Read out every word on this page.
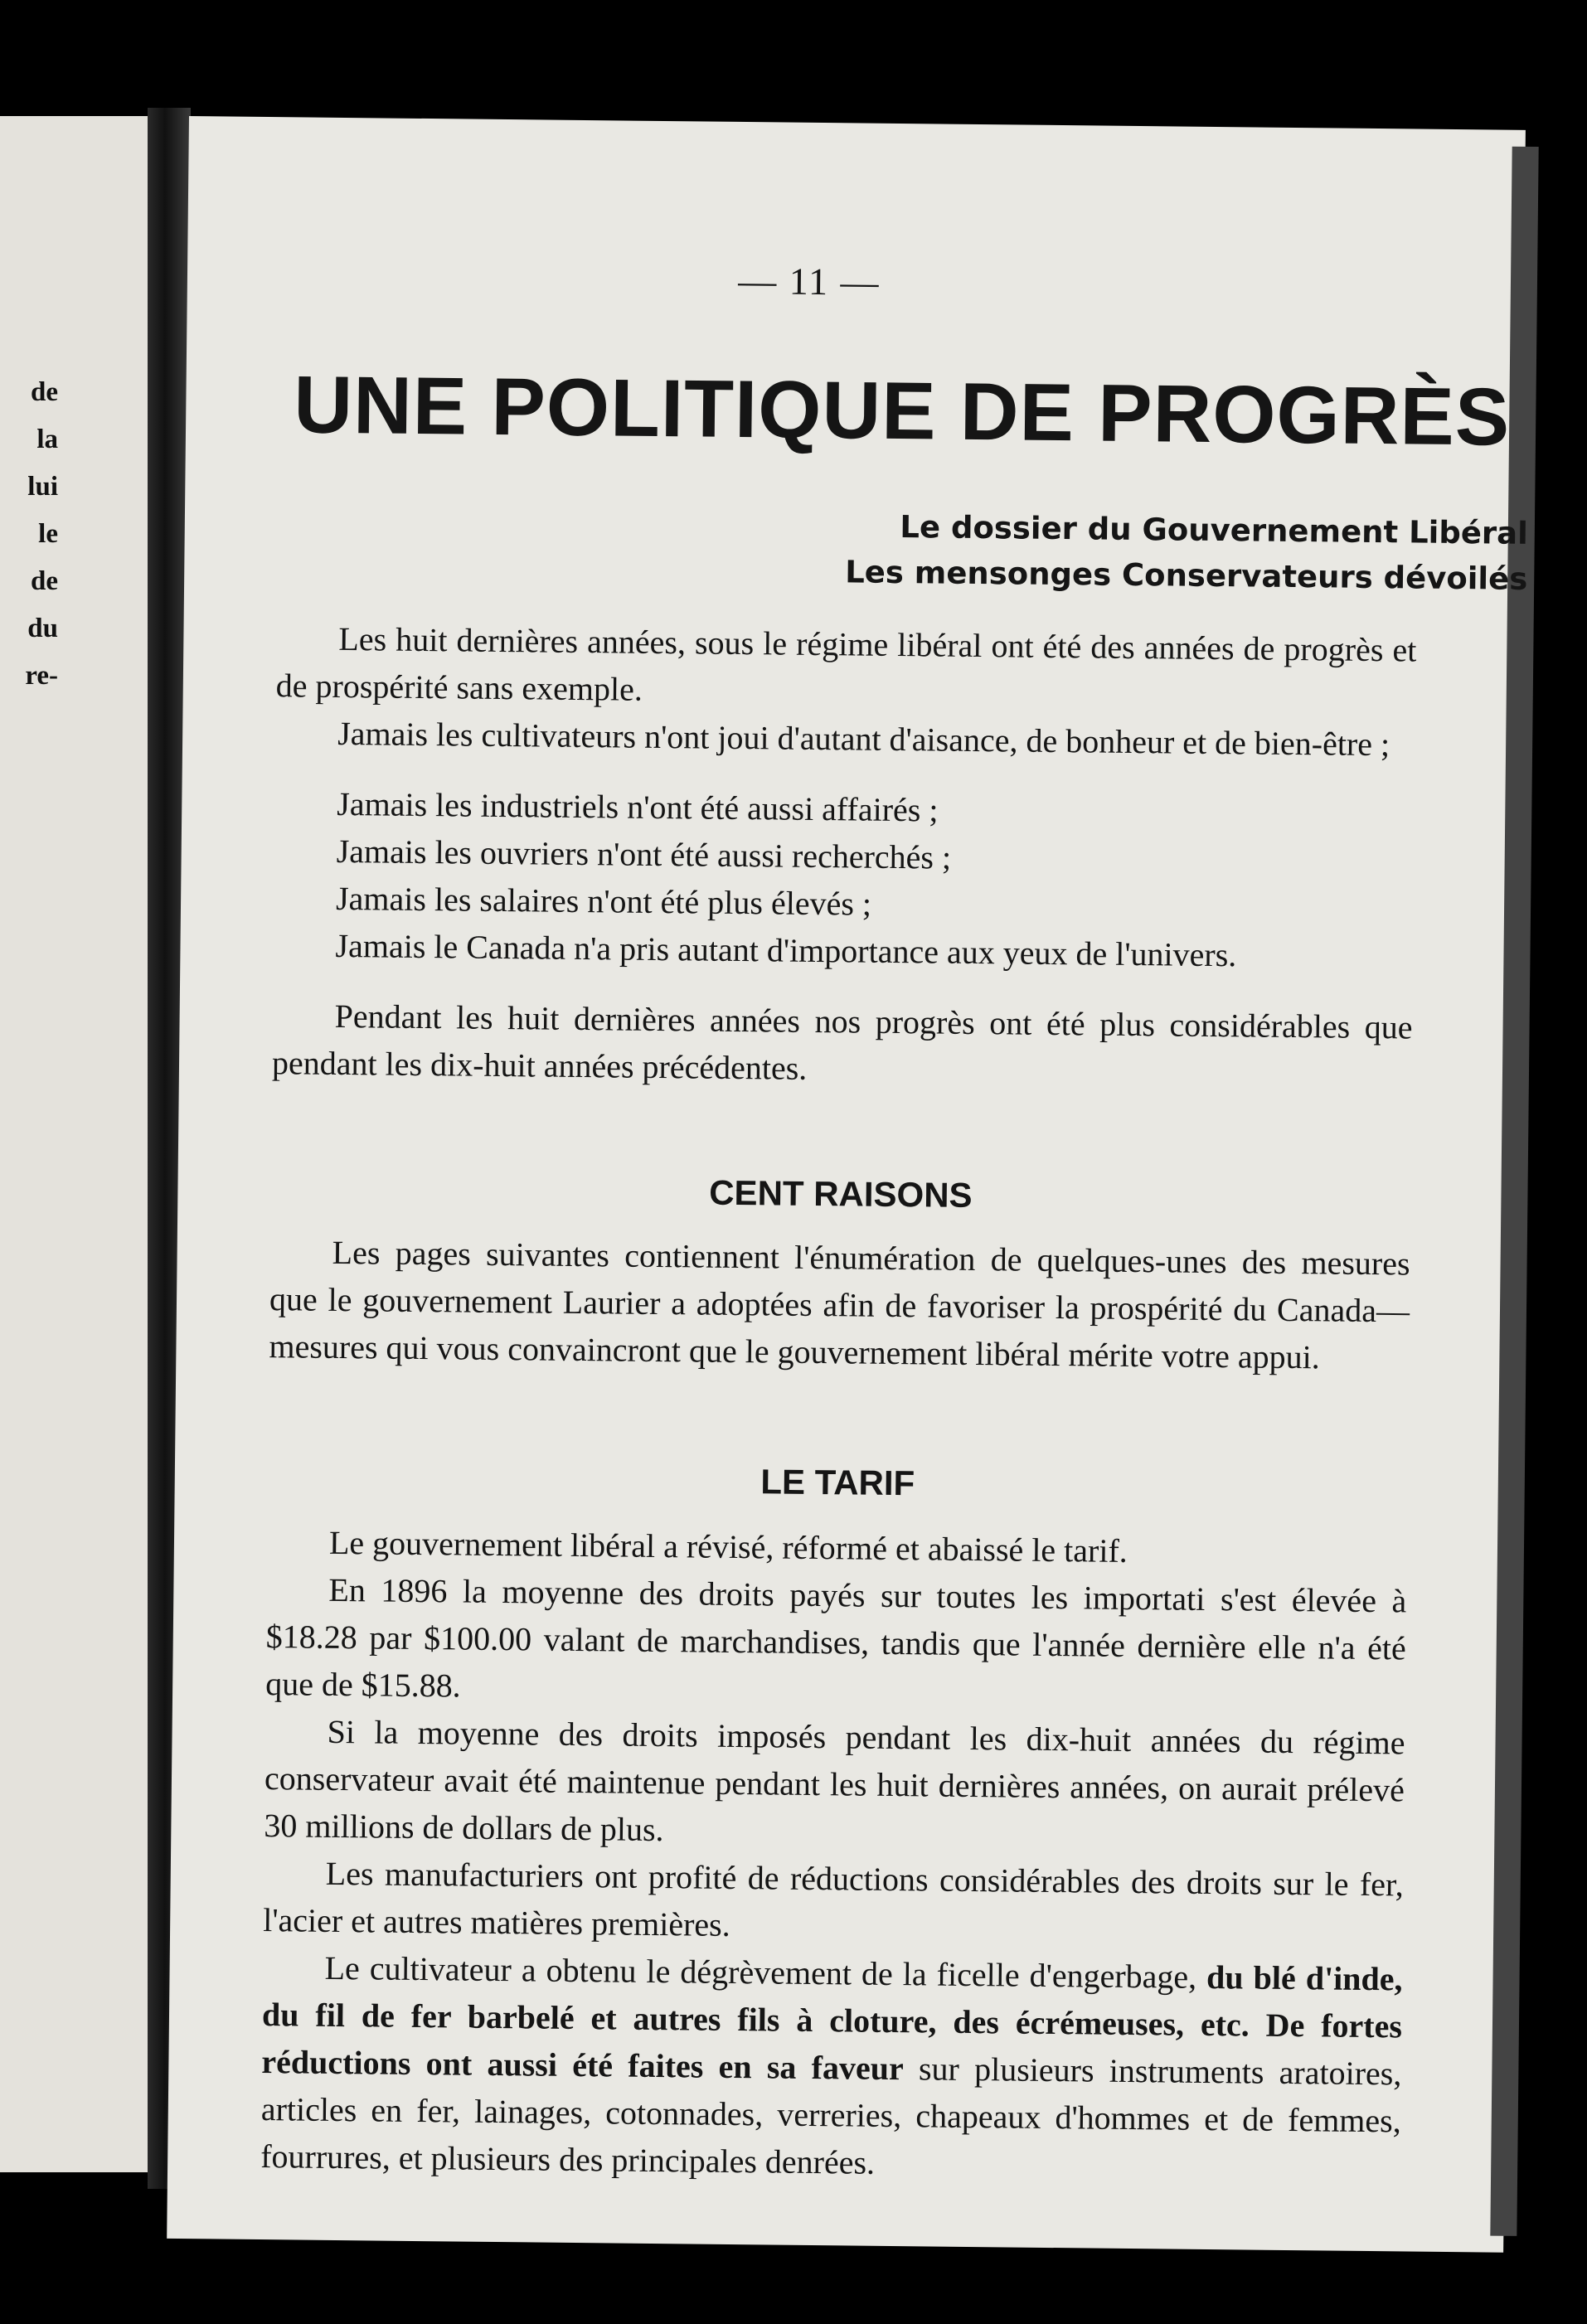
de
la
lui
le
de
du
re-
— 11 —
UNE POLITIQUE DE PROGRÈS
Le dossier du Gouvernement Libéral
Les mensonges Conservateurs dévoilés

Les huit dernières années, sous le régime libéral ont été des années de progrès et de prospérité sans exemple.

Jamais les cultivateurs n'ont joui d'autant d'aisance, de bonheur et de bien-être ;

Jamais les industriels n'ont été aussi affairés ;

Jamais les ouvriers n'ont été aussi recherchés ;

Jamais les salaires n'ont été plus élevés ;

Jamais le Canada n'a pris autant d'importance aux yeux de l'univers.

Pendant les huit dernières années nos progrès ont été plus considérables que pendant les dix-huit années précédentes.

CENT RAISONS

Les pages suivantes contiennent l'énumération de quelques-unes des mesures que le gouvernement Laurier a adoptées afin de favoriser la prospérité du Canada—mesures qui vous convaincront que le gouvernement libéral mérite votre appui.

LE TARIF

Le gouvernement libéral a révisé, réformé et abaissé le tarif.

En 1896 la moyenne des droits payés sur toutes les importati s'est élevée à $18.28 par $100.00 valant de marchandises, tandis que l'année dernière elle n'a été que de $15.88.

Si la moyenne des droits imposés pendant les dix-huit années du régime conservateur avait été maintenue pendant les huit dernières années, on aurait prélevé 30 millions de dollars de plus.

Les manufacturiers ont profité de réductions considérables des droits sur le fer, l'acier et autres matières premières.

Le cultivateur a obtenu le dégrèvement de la ficelle d'engerbage, du blé d'inde, du fil de fer barbelé et autres fils à cloture, des écrémeuses, etc. De fortes réductions ont aussi été faites en sa faveur sur plusieurs instruments aratoires, articles en fer, lainages, cotonnades, verreries, chapeaux d'hommes et de femmes, fourrures, et plusieurs des principales denrées.
